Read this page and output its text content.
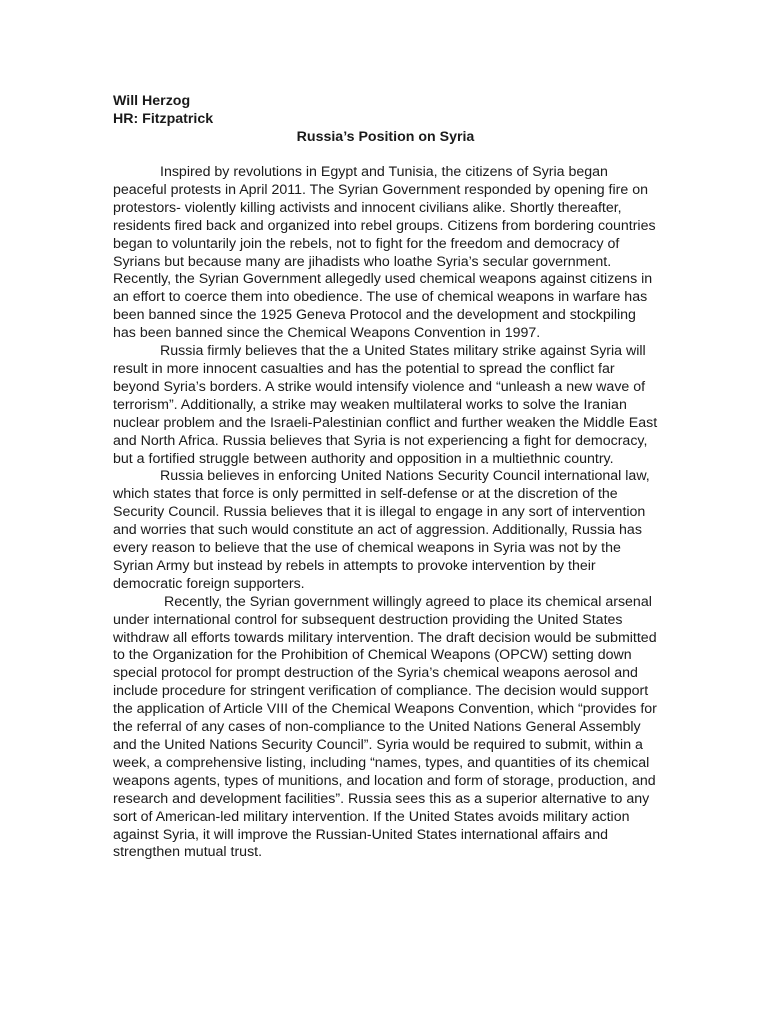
Will Herzog
HR: Fitzpatrick
Russia’s Position on Syria

Inspired by revolutions in Egypt and Tunisia, the citizens of Syria began peaceful protests in April 2011. The Syrian Government responded by opening fire on protestors- violently killing activists and innocent civilians alike. Shortly thereafter, residents fired back and organized into rebel groups. Citizens from bordering countries began to voluntarily join the rebels, not to fight for the freedom and democracy of Syrians but because many are jihadists who loathe Syria’s secular government. Recently, the Syrian Government allegedly used chemical weapons against citizens in an effort to coerce them into obedience. The use of chemical weapons in warfare has been banned since the 1925 Geneva Protocol and the development and stockpiling has been banned since the Chemical Weapons Convention in 1997.

Russia firmly believes that the a United States military strike against Syria will result in more innocent casualties and has the potential to spread the conflict far beyond Syria’s borders. A strike would intensify violence and “unleash a new wave of terrorism”. Additionally, a strike may weaken multilateral works to solve the Iranian nuclear problem and the Israeli-Palestinian conflict and further weaken the Middle East and North Africa. Russia believes that Syria is not experiencing a fight for democracy, but a fortified struggle between authority and opposition in a multiethnic country.

Russia believes in enforcing United Nations Security Council international law, which states that force is only permitted in self-defense or at the discretion of the Security Council. Russia believes that it is illegal to engage in any sort of intervention and worries that such would constitute an act of aggression. Additionally, Russia has every reason to believe that the use of chemical weapons in Syria was not by the Syrian Army but instead by rebels in attempts to provoke intervention by their democratic foreign supporters.

Recently, the Syrian government willingly agreed to place its chemical arsenal under international control for subsequent destruction providing the United States withdraw all efforts towards military intervention. The draft decision would be submitted to the Organization for the Prohibition of Chemical Weapons (OPCW) setting down special protocol for prompt destruction of the Syria’s chemical weapons aerosol and include procedure for stringent verification of compliance. The decision would support the application of Article VIII of the Chemical Weapons Convention, which “provides for the referral of any cases of non-compliance to the United Nations General Assembly and the United Nations Security Council”. Syria would be required to submit, within a week, a comprehensive listing, including “names, types, and quantities of its chemical weapons agents, types of munitions, and location and form of storage, production, and research and development facilities”. Russia sees this as a superior alternative to any sort of American-led military intervention. If the United States avoids military action against Syria, it will improve the Russian-United States international affairs and strengthen mutual trust.
